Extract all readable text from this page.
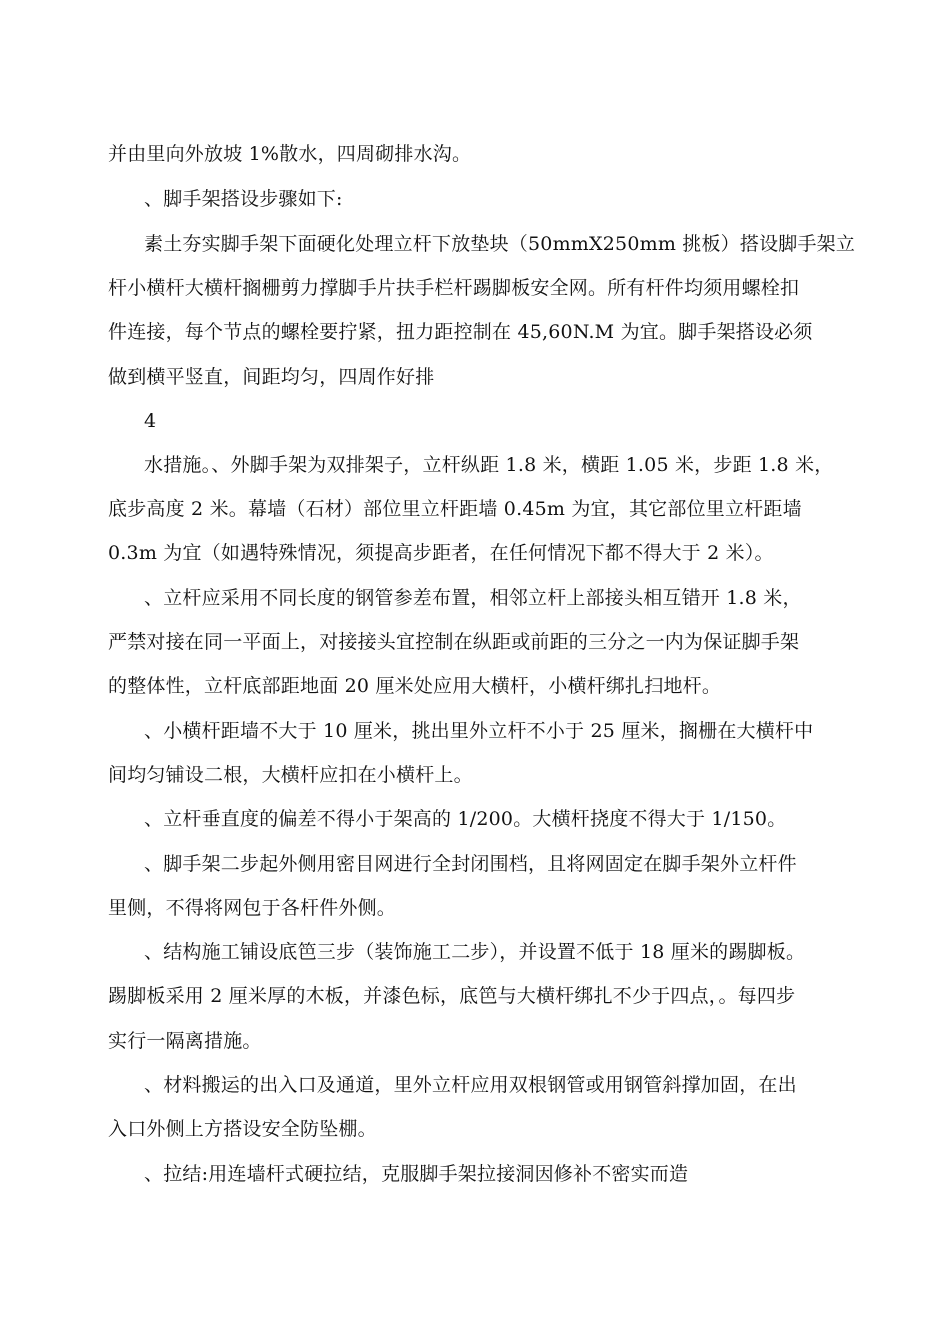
并由里向外放坡 1%散水，四周砌排水沟。
、脚手架搭设步骤如下:
素土夯实脚手架下面硬化处理立杆下放垫块（50mmX250mm 挑板）搭设脚手架立
杆小横杆大横杆搁栅剪力撑脚手片扶手栏杆踢脚板安全网。所有杆件均须用螺栓扣
件连接，每个节点的螺栓要拧紧，扭力距控制在 45,60N.M 为宜。脚手架搭设必须
做到横平竖直，间距均匀，四周作好排
4
水措施。、外脚手架为双排架子，立杆纵距 1.8 米，横距 1.05 米，步距 1.8 米，
底步高度 2 米。幕墙（石材）部位里立杆距墙 0.45m 为宜，其它部位里立杆距墙
0.3m 为宜（如遇特殊情况，须提高步距者，在任何情况下都不得大于 2 米）。
、立杆应采用不同长度的钢管参差布置，相邻立杆上部接头相互错开 1.8 米，
严禁对接在同一平面上，对接接头宜控制在纵距或前距的三分之一内为保证脚手架
的整体性，立杆底部距地面 20 厘米处应用大横杆，小横杆绑扎扫地杆。
、小横杆距墙不大于 10 厘米，挑出里外立杆不小于 25 厘米，搁栅在大横杆中
间均匀铺设二根，大横杆应扣在小横杆上。
、立杆垂直度的偏差不得小于架高的 1/200。大横杆挠度不得大于 1/150。
、脚手架二步起外侧用密目网进行全封闭围档，且将网固定在脚手架外立杆件
里侧，不得将网包于各杆件外侧。
、结构施工铺设底笆三步（装饰施工二步），并设置不低于 18 厘米的踢脚板。
踢脚板采用 2 厘米厚的木板，并漆色标，底笆与大横杆绑扎不少于四点，。每四步
实行一隔离措施。
、材料搬运的出入口及通道，里外立杆应用双根钢管或用钢管斜撑加固，在出
入口外侧上方搭设安全防坠棚。
、拉结:用连墙杆式硬拉结，克服脚手架拉接洞因修补不密实而造
